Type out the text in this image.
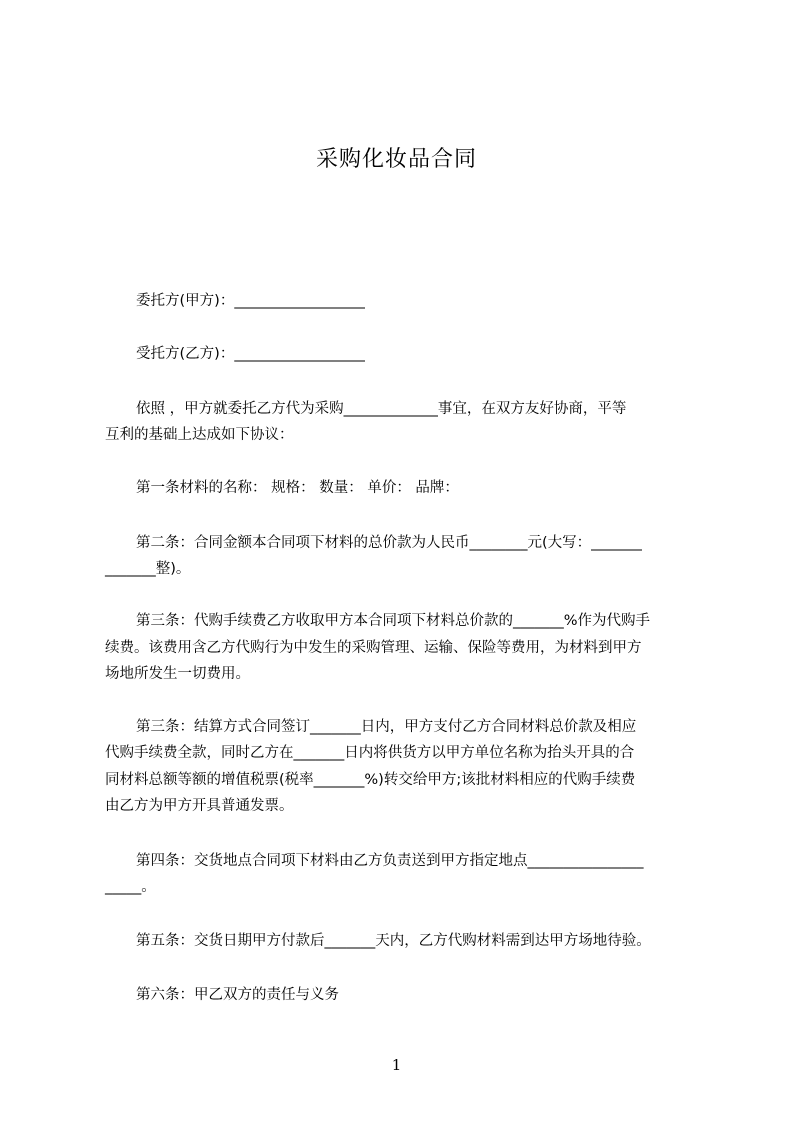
采购化妆品合同
委托方(甲方)：__________________
受托方(乙方)：__________________
依照 ，甲方就委托乙方代为采购_____________事宜，在双方友好协商，平等
互利的基础上达成如下协议：
第一条材料的名称： 规格： 数量： 单价： 品牌：
第二条：合同金额本合同项下材料的总价款为人民币________元(大写：_______
_______整)。
第三条：代购手续费乙方收取甲方本合同项下材料总价款的_______%作为代购手
续费。该费用含乙方代购行为中发生的采购管理、运输、保险等费用，为材料到甲方
场地所发生一切费用。
第三条：结算方式合同签订_______日内，甲方支付乙方合同材料总价款及相应
代购手续费全款，同时乙方在_______日内将供货方以甲方单位名称为抬头开具的合
同材料总额等额的增值税票(税率_______%)转交给甲方;该批材料相应的代购手续费
由乙方为甲方开具普通发票。
第四条：交货地点合同项下材料由乙方负责送到甲方指定地点________________
_____。
第五条：交货日期甲方付款后_______天内，乙方代购材料需到达甲方场地待验。
第六条：甲乙双方的责任与义务
1
